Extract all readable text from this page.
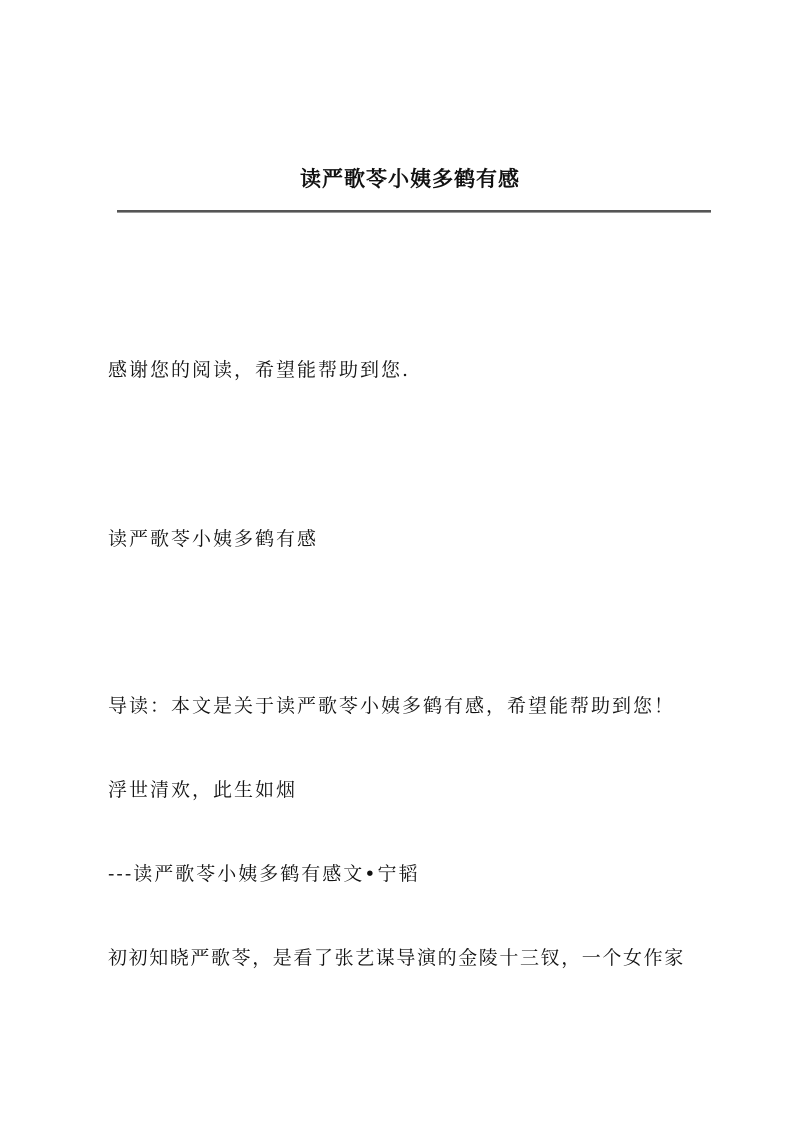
读严歌苓小姨多鹤有感
感谢您的阅读，希望能帮助到您.
读严歌苓小姨多鹤有感
导读：本文是关于读严歌苓小姨多鹤有感，希望能帮助到您！
浮世清欢，此生如烟
---读严歌苓小姨多鹤有感文•宁韬
初初知晓严歌苓，是看了张艺谋导演的金陵十三钗，一个女作家
